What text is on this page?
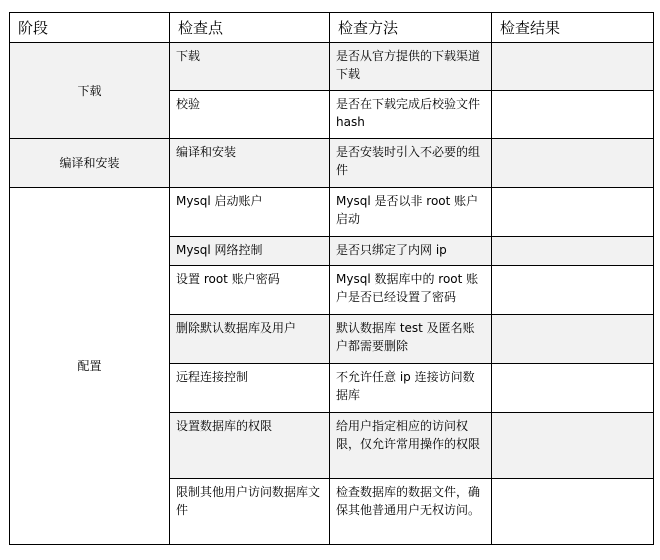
阶段	检查点	检查方法	检查结果
下载	下载	是否从官方提供的下载渠道下载	
	校验	是否在下载完成后校验文件 hash	
编译和安装	编译和安装	是否安装时引入不必要的组件	
配置	Mysql 启动账户	Mysql 是否以非 root 账户启动	
	Mysql 网络控制	是否只绑定了内网 ip	
	设置 root 账户密码	Mysql 数据库中的 root 账户是否已经设置了密码	
	删除默认数据库及用户	默认数据库 test 及匿名账户都需要删除	
	远程连接控制	不允许任意 ip 连接访问数据库	
	设置数据库的权限	给用户指定相应的访问权限，仅允许常用操作的权限	
	限制其他用户访问数据库文件	检查数据库的数据文件，确保其他普通用户无权访问。	
